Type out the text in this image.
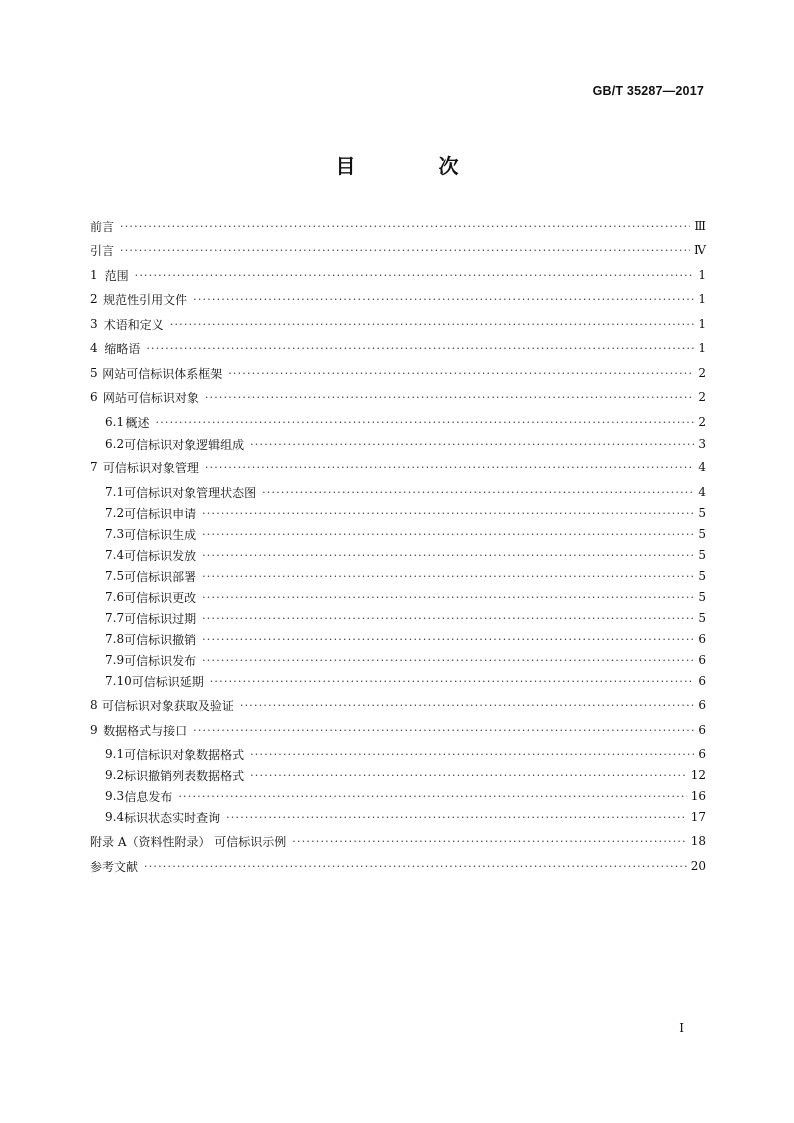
GB/T 35287—2017
目 次
前言 ·····	Ⅲ
引言 ·····	Ⅳ
1 范围 ·····	1
2 规范性引用文件 ·····	1
3 术语和定义 ·····	1
4 缩略语 ·····	1
5 网站可信标识体系框架 ·····	2
6 网站可信标识对象 ·····	2
6.1 概述 ·····	2
6.2 可信标识对象逻辑组成 ·····	3
7 可信标识对象管理 ·····	4
7.1 可信标识对象管理状态图 ·····	4
7.2 可信标识申请 ·····	5
7.3 可信标识生成 ·····	5
7.4 可信标识发放 ·····	5
7.5 可信标识部署 ·····	5
7.6 可信标识更改 ·····	5
7.7 可信标识过期 ·····	5
7.8 可信标识撤销 ·····	6
7.9 可信标识发布 ·····	6
7.10 可信标识延期 ·····	6
8 可信标识对象获取及验证 ·····	6
9 数据格式与接口 ·····	6
9.1 可信标识对象数据格式 ·····	6
9.2 标识撤销列表数据格式 ·····	12
9.3 信息发布 ·····	16
9.4 标识状态实时查询 ·····	17
附录 A（资料性附录） 可信标识示例 ·····	18
参考文献 ·····	20
I
